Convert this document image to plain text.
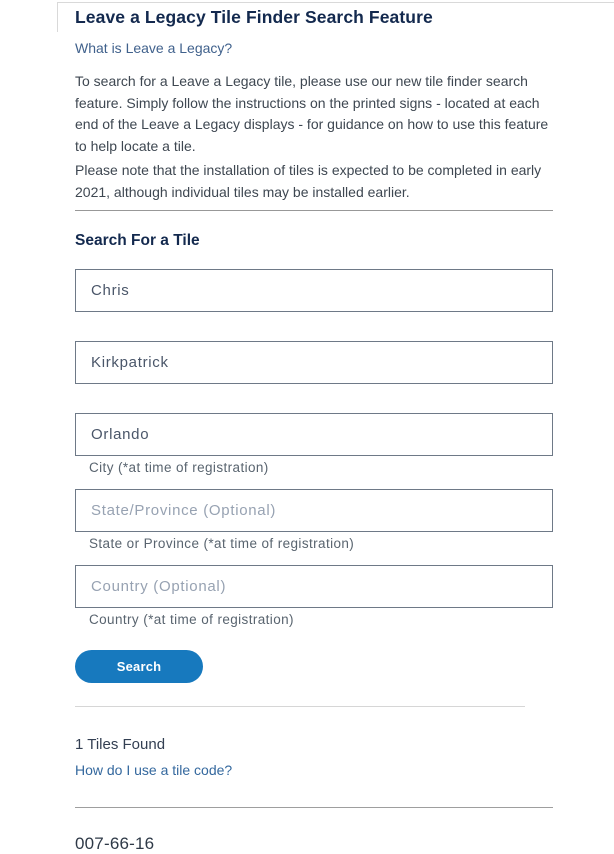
Leave a Legacy Tile Finder Search Feature
What is Leave a Legacy?

To search for a Leave a Legacy tile, please use our new tile finder search feature. Simply follow the instructions on the printed signs - located at each end of the Leave a Legacy displays - for guidance on how to use this feature to help locate a tile.

Please note that the installation of tiles is expected to be completed in early 2021, although individual tiles may be installed earlier.

Search For a Tile
Chris
Kirkpatrick
Orlando
City (*at time of registration)
State/Province (Optional)
State or Province (*at time of registration)
Country (Optional)
Country (*at time of registration)
Search
1 Tiles Found
How do I use a tile code?
007-66-16
